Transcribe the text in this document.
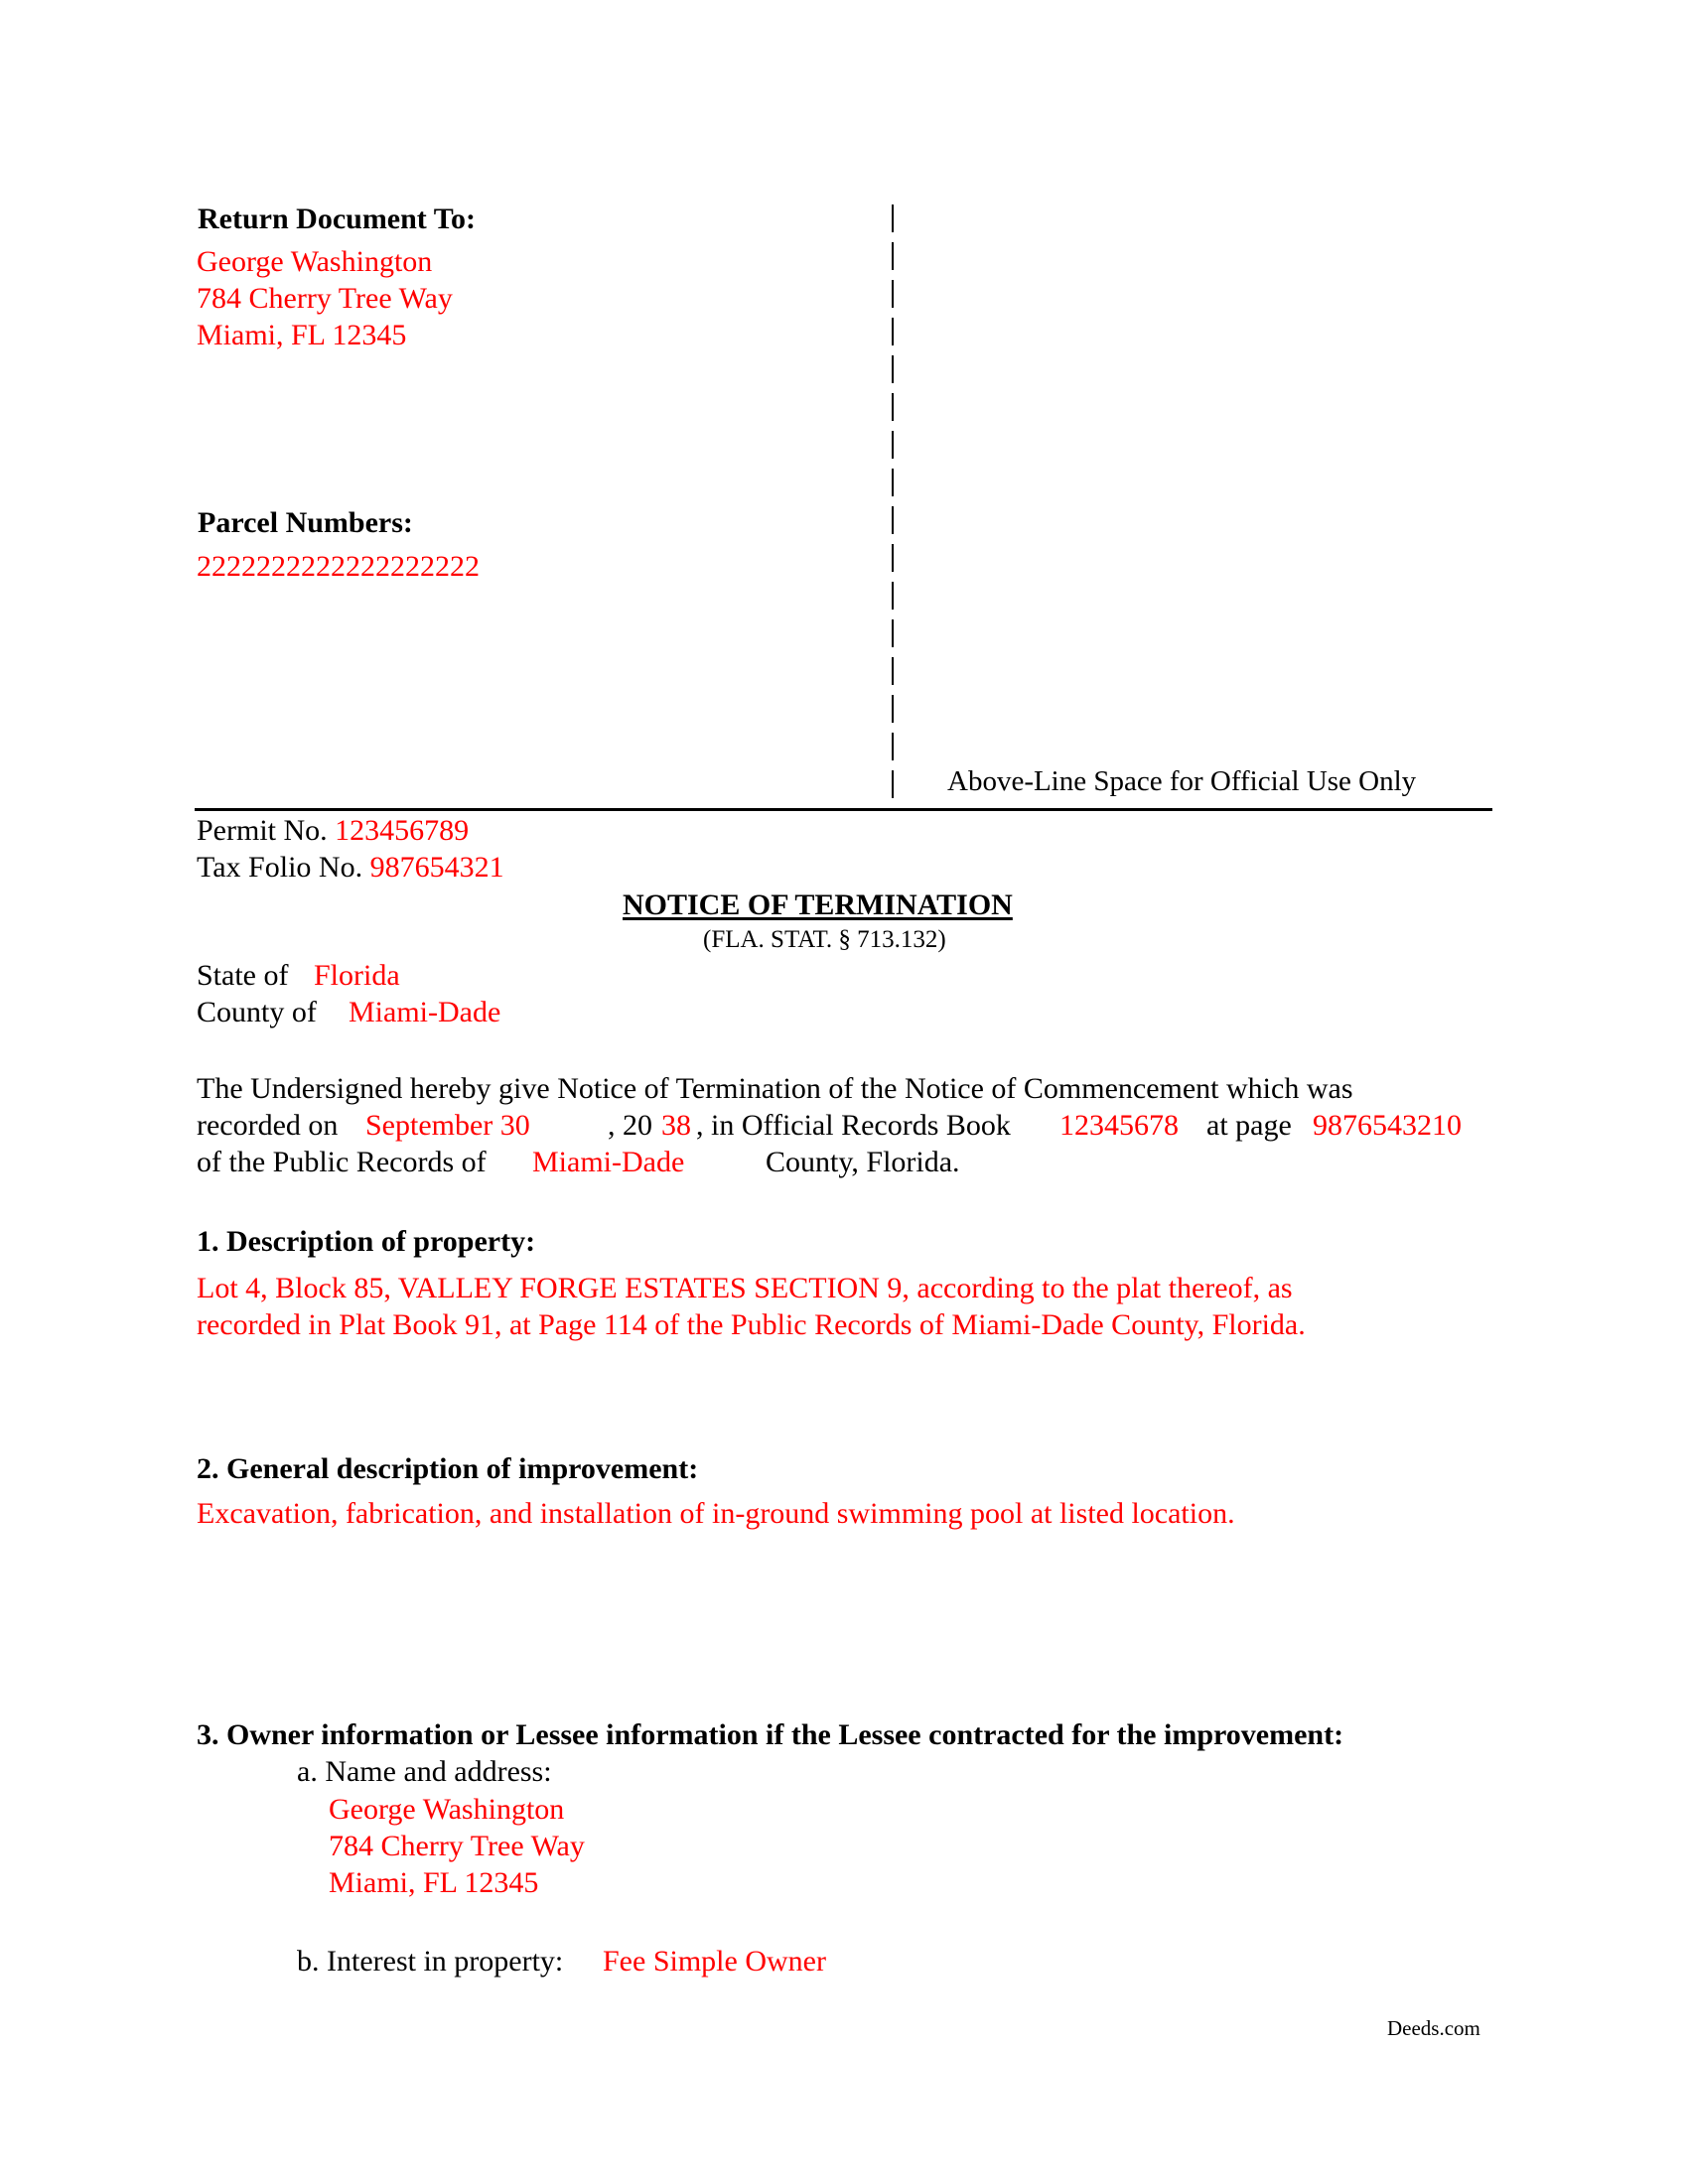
Return Document To:
George Washington
784 Cherry Tree Way
Miami, FL 12345
Parcel Numbers:
2222222222222222222
Above-Line Space for Official Use Only
Permit No. 123456789
Tax Folio No. 987654321
NOTICE OF TERMINATION
(FLA. STAT. § 713.132)
State of Florida
County of Miami-Dade
The Undersigned hereby give Notice of Termination of the Notice of Commencement which was
recorded on September 30	, 20 38 , in Official Records Book 12345678 at page 9876543210
of the Public Records of Miami-Dade	County, Florida.
1. Description of property:
Lot 4, Block 85, VALLEY FORGE ESTATES SECTION 9, according to the plat thereof, as
recorded in Plat Book 91, at Page 114 of the Public Records of Miami-Dade County, Florida.
2. General description of improvement:
Excavation, fabrication, and installation of in-ground swimming pool at listed location.
3. Owner information or Lessee information if the Lessee contracted for the improvement:
a. Name and address:
George Washington
784 Cherry Tree Way
Miami, FL 12345
b. Interest in property: Fee Simple Owner
Deeds.com
